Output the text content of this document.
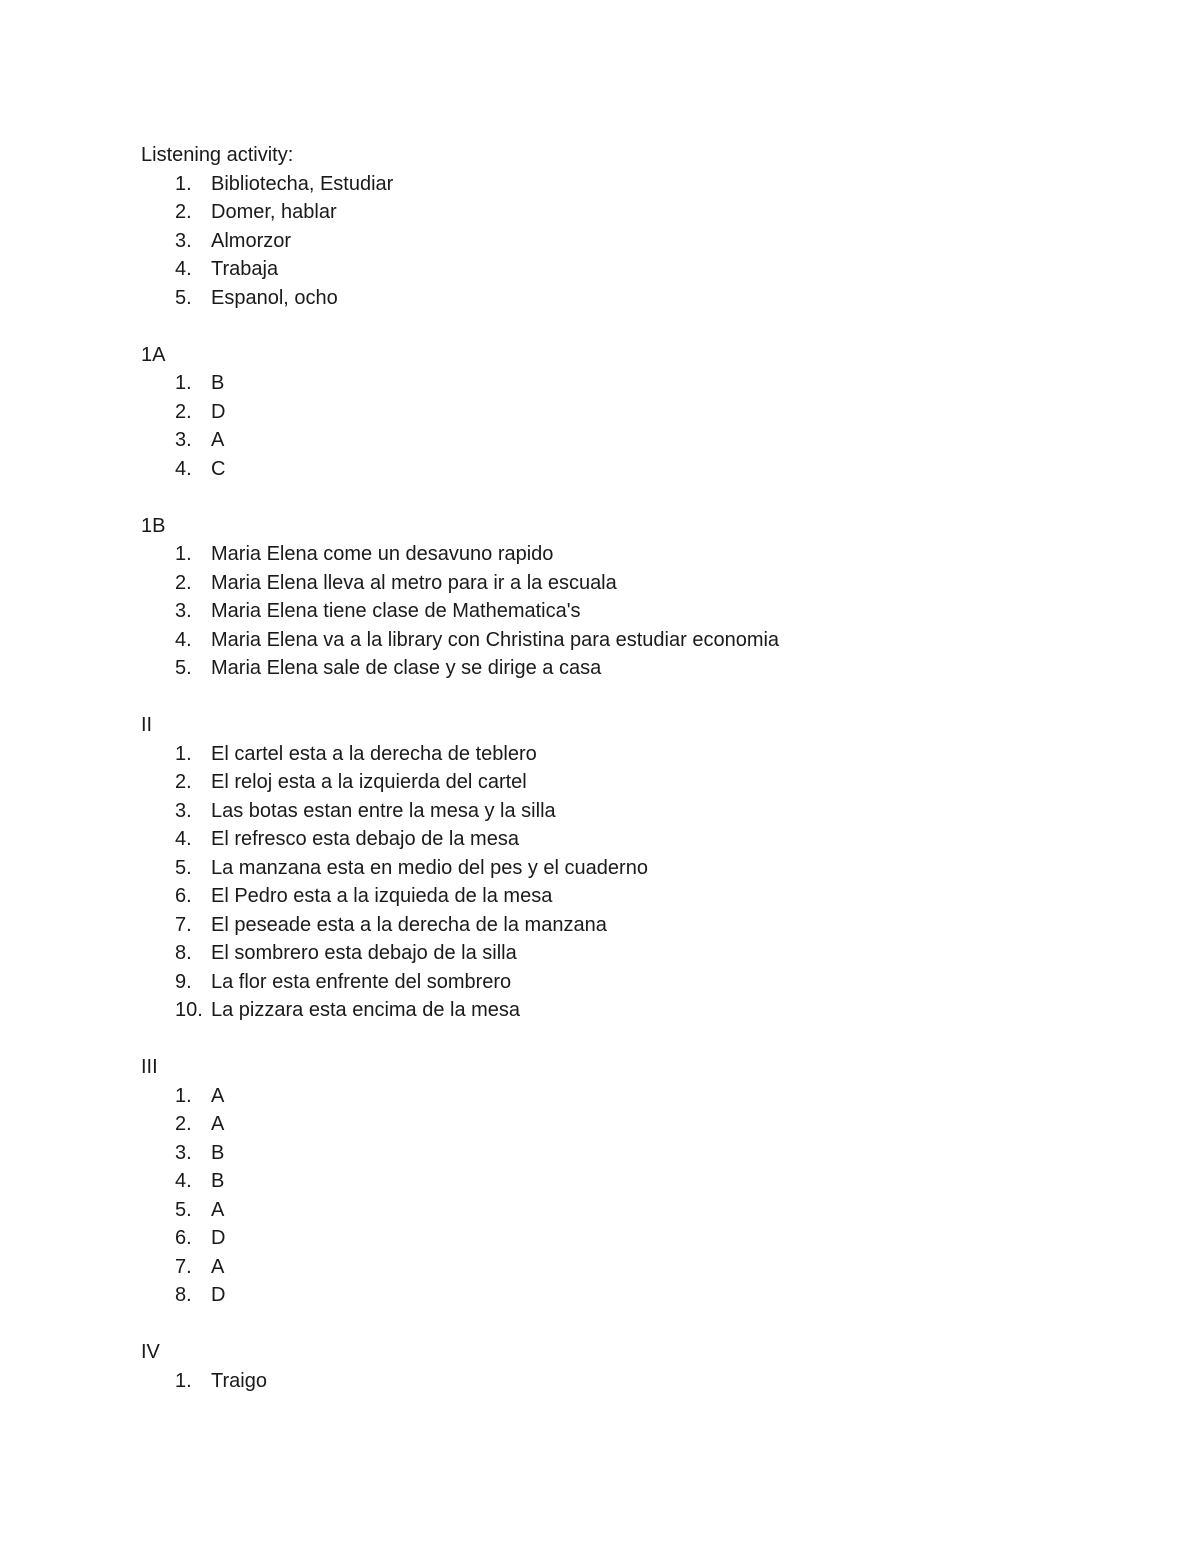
Listening activity:
1. Bibliotecha, Estudiar
2. Domer, hablar
3. Almorzor
4. Trabaja
5. Espanol, ocho
1A
1. B
2. D
3. A
4. C
1B
1. Maria Elena come un desavuno rapido
2. Maria Elena lleva al metro para ir a la escuala
3. Maria Elena tiene clase de Mathematica's
4. Maria Elena va a la library con Christina para estudiar economia
5. Maria Elena sale de clase y se dirige a casa
II
1. El cartel esta a la derecha de teblero
2. El reloj esta a la izquierda del cartel
3. Las botas estan entre la mesa y la silla
4. El refresco esta debajo de la mesa
5. La manzana esta en medio del pes y el cuaderno
6. El Pedro esta a la izquieda de la mesa
7. El peseade esta a la derecha de la manzana
8. El sombrero esta debajo de la silla
9. La flor esta enfrente del sombrero
10. La pizzara esta encima de la mesa
III
1. A
2. A
3. B
4. B
5. A
6. D
7. A
8. D
IV
1. Traigo
